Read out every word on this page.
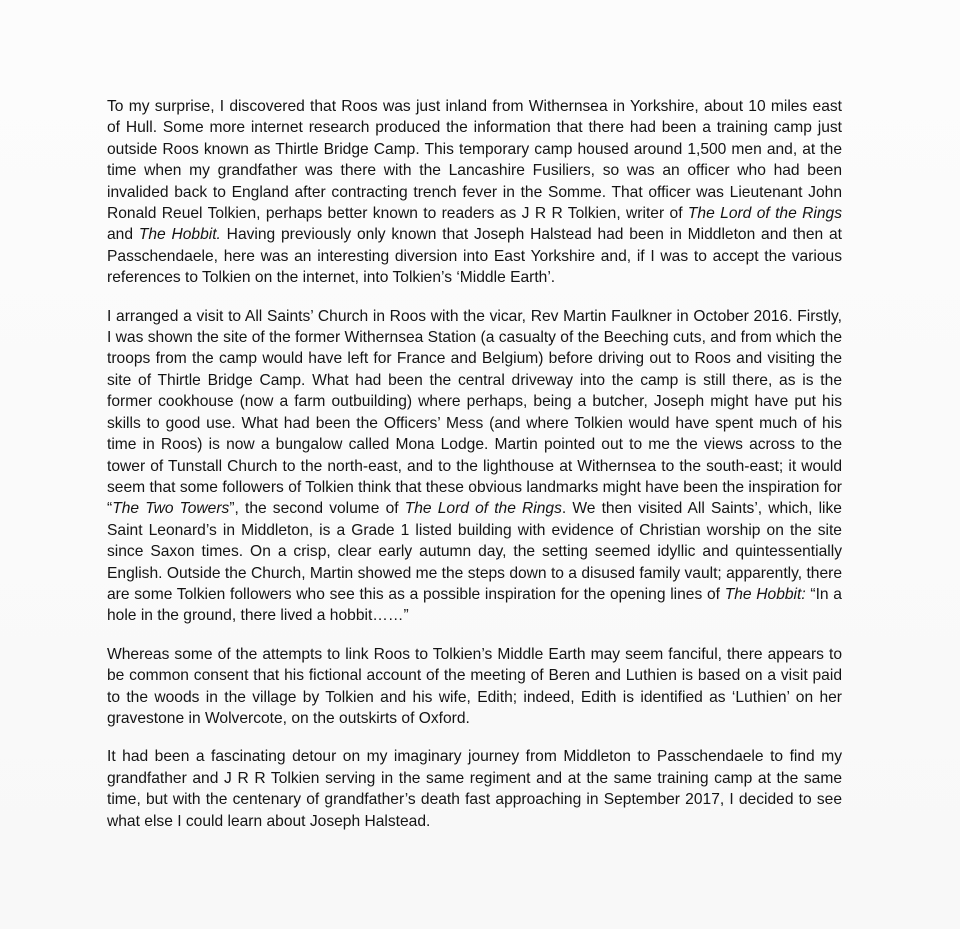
To my surprise, I discovered that Roos was just inland from Withernsea in Yorkshire, about 10 miles east of Hull. Some more internet research produced the information that there had been a training camp just outside Roos known as Thirtle Bridge Camp. This temporary camp housed around 1,500 men and, at the time when my grandfather was there with the Lancashire Fusiliers, so was an officer who had been invalided back to England after contracting trench fever in the Somme. That officer was Lieutenant John Ronald Reuel Tolkien, perhaps better known to readers as J R R Tolkien, writer of The Lord of the Rings and The Hobbit. Having previously only known that Joseph Halstead had been in Middleton and then at Passchendaele, here was an interesting diversion into East Yorkshire and, if I was to accept the various references to Tolkien on the internet, into Tolkien’s ‘Middle Earth’.

I arranged a visit to All Saints’ Church in Roos with the vicar, Rev Martin Faulkner in October 2016. Firstly, I was shown the site of the former Withernsea Station (a casualty of the Beeching cuts, and from which the troops from the camp would have left for France and Belgium) before driving out to Roos and visiting the site of Thirtle Bridge Camp. What had been the central driveway into the camp is still there, as is the former cookhouse (now a farm outbuilding) where perhaps, being a butcher, Joseph might have put his skills to good use. What had been the Officers’ Mess (and where Tolkien would have spent much of his time in Roos) is now a bungalow called Mona Lodge. Martin pointed out to me the views across to the tower of Tunstall Church to the north-east, and to the lighthouse at Withernsea to the south-east; it would seem that some followers of Tolkien think that these obvious landmarks might have been the inspiration for “The Two Towers”, the second volume of The Lord of the Rings. We then visited All Saints’, which, like Saint Leonard’s in Middleton, is a Grade 1 listed building with evidence of Christian worship on the site since Saxon times. On a crisp, clear early autumn day, the setting seemed idyllic and quintessentially English. Outside the Church, Martin showed me the steps down to a disused family vault; apparently, there are some Tolkien followers who see this as a possible inspiration for the opening lines of The Hobbit: “In a hole in the ground, there lived a hobbit……”

Whereas some of the attempts to link Roos to Tolkien’s Middle Earth may seem fanciful, there appears to be common consent that his fictional account of the meeting of Beren and Luthien is based on a visit paid to the woods in the village by Tolkien and his wife, Edith; indeed, Edith is identified as ‘Luthien’ on her gravestone in Wolvercote, on the outskirts of Oxford.

It had been a fascinating detour on my imaginary journey from Middleton to Passchendaele to find my grandfather and J R R Tolkien serving in the same regiment and at the same training camp at the same time, but with the centenary of grandfather’s death fast approaching in September 2017, I decided to see what else I could learn about Joseph Halstead.
